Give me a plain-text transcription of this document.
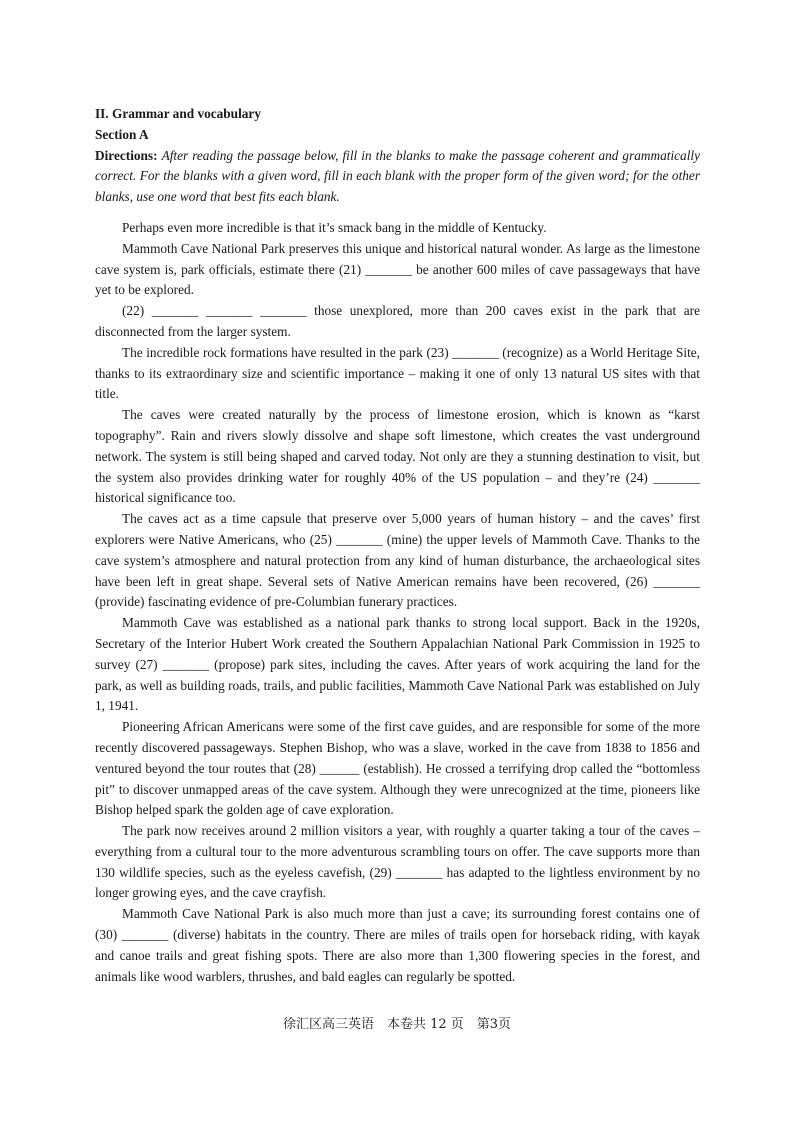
II. Grammar and vocabulary

Section A

Directions: After reading the passage below, fill in the blanks to make the passage coherent and grammatically correct. For the blanks with a given word, fill in each blank with the proper form of the given word; for the other blanks, use one word that best fits each blank.

Perhaps even more incredible is that it’s smack bang in the middle of Kentucky.

Mammoth Cave National Park preserves this unique and historical natural wonder. As large as the limestone cave system is, park officials, estimate there (21) _______ be another 600 miles of cave passageways that have yet to be explored.

(22) _______ _______ _______ those unexplored, more than 200 caves exist in the park that are disconnected from the larger system.

The incredible rock formations have resulted in the park (23) _______ (recognize) as a World Heritage Site, thanks to its extraordinary size and scientific importance – making it one of only 13 natural US sites with that title.

The caves were created naturally by the process of limestone erosion, which is known as “karst topography”. Rain and rivers slowly dissolve and shape soft limestone, which creates the vast underground network. The system is still being shaped and carved today. Not only are they a stunning destination to visit, but the system also provides drinking water for roughly 40% of the US population – and they’re (24) _______ historical significance too.

The caves act as a time capsule that preserve over 5,000 years of human history – and the caves’ first explorers were Native Americans, who (25) _______ (mine) the upper levels of Mammoth Cave. Thanks to the cave system’s atmosphere and natural protection from any kind of human disturbance, the archaeological sites have been left in great shape. Several sets of Native American remains have been recovered, (26) _______ (provide) fascinating evidence of pre-Columbian funerary practices.

Mammoth Cave was established as a national park thanks to strong local support. Back in the 1920s, Secretary of the Interior Hubert Work created the Southern Appalachian National Park Commission in 1925 to survey (27) _______ (propose) park sites, including the caves. After years of work acquiring the land for the park, as well as building roads, trails, and public facilities, Mammoth Cave National Park was established on July 1, 1941.

Pioneering African Americans were some of the first cave guides, and are responsible for some of the more recently discovered passageways. Stephen Bishop, who was a slave, worked in the cave from 1838 to 1856 and ventured beyond the tour routes that (28) ______ (establish). He crossed a terrifying drop called the “bottomless pit” to discover unmapped areas of the cave system. Although they were unrecognized at the time, pioneers like Bishop helped spark the golden age of cave exploration.

The park now receives around 2 million visitors a year, with roughly a quarter taking a tour of the caves – everything from a cultural tour to the more adventurous scrambling tours on offer. The cave supports more than 130 wildlife species, such as the eyeless cavefish, (29) _______ has adapted to the lightless environment by no longer growing eyes, and the cave crayfish.

Mammoth Cave National Park is also much more than just a cave; its surrounding forest contains one of (30) _______ (diverse) habitats in the country. There are miles of trails open for horseback riding, with kayak and canoe trails and great fishing spots. There are also more than 1,300 flowering species in the forest, and animals like wood warblers, thrushes, and bald eagles can regularly be spotted.

徐汇区高三英语　本卷共 12 页　第3页
